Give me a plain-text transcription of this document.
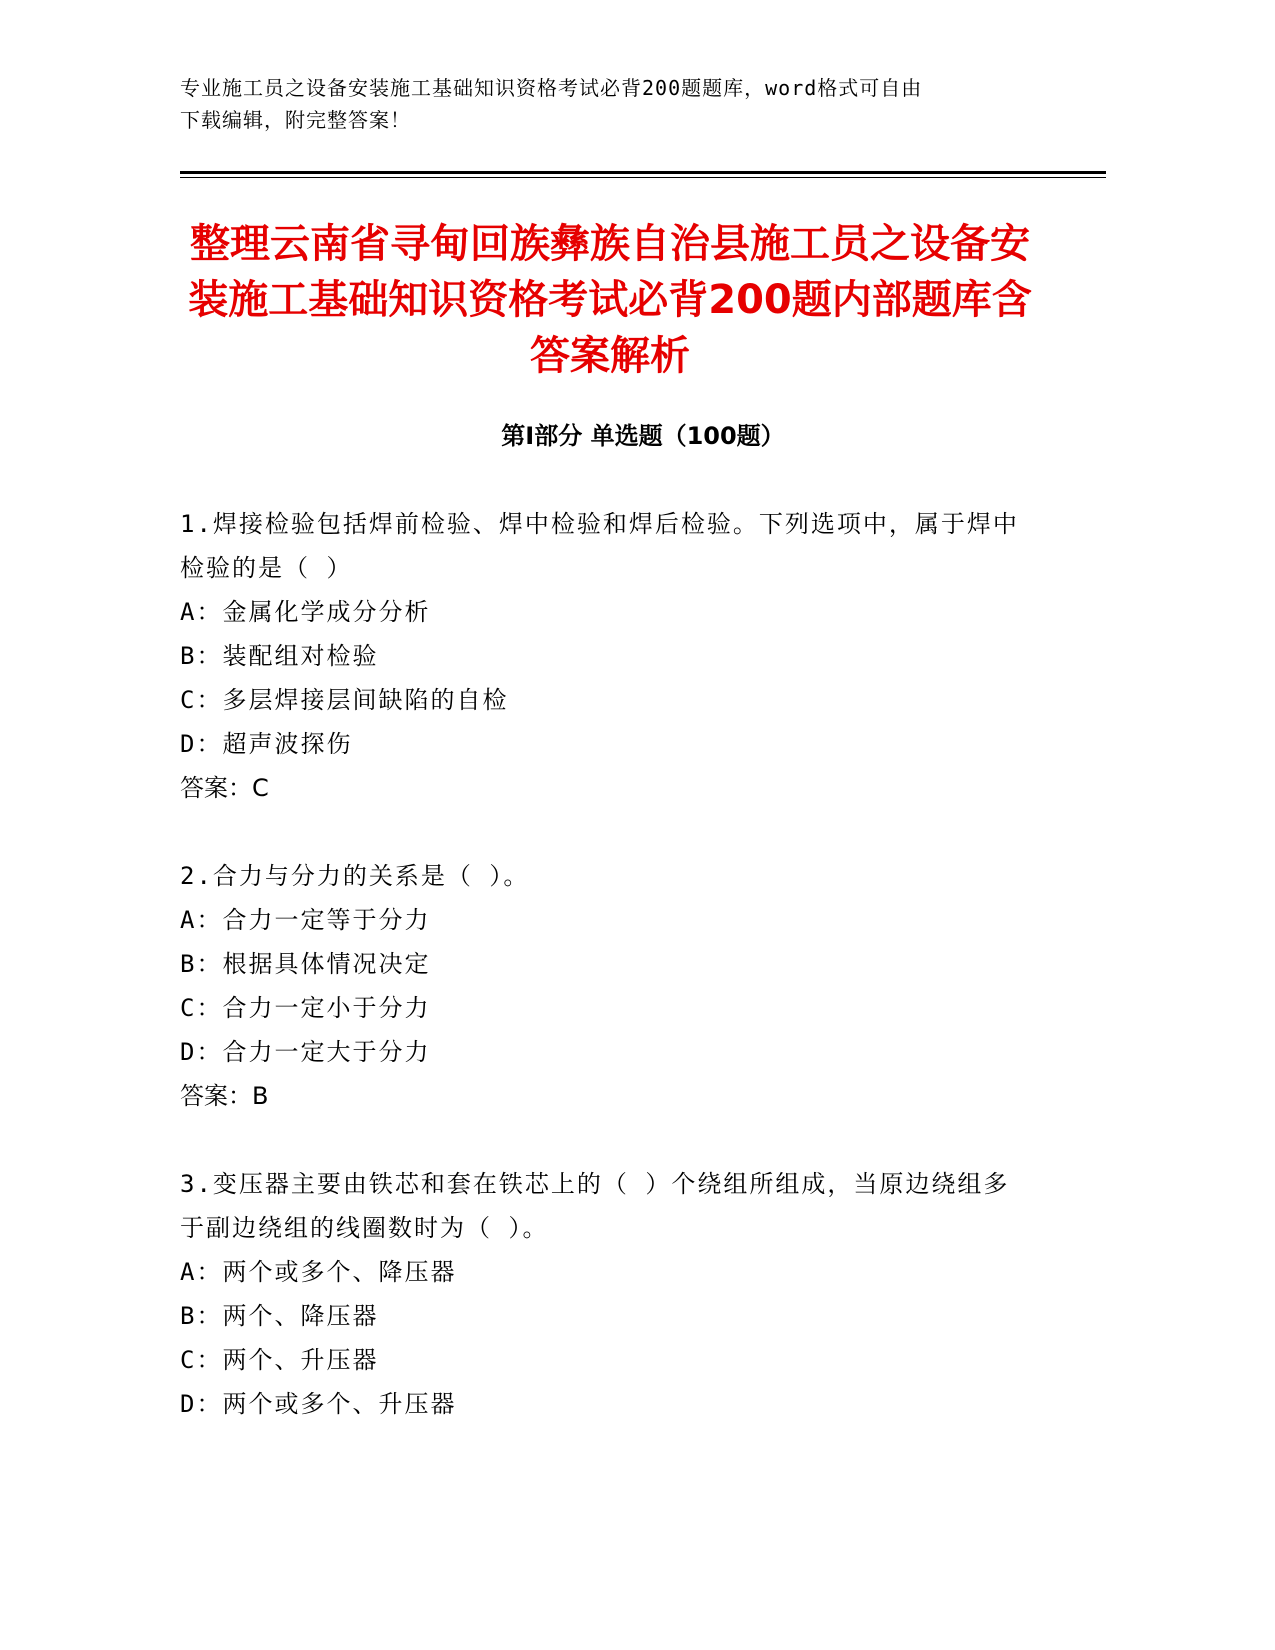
专业施工员之设备安装施工基础知识资格考试必背200题题库，word格式可自由
下载编辑，附完整答案！
整理云南省寻甸回族彝族自治县施工员之设备安装施工基础知识资格考试必背200题内部题库含答案解析
第Ⅰ部分 单选题（100题）

1.焊接检验包括焊前检验、焊中检验和焊后检验。下列选项中，属于焊中检验的是（ ）

A：金属化学成分分析

B：装配组对检验

C：多层焊接层间缺陷的自检

D：超声波探伤

答案：C

2.合力与分力的关系是（ ）。

A：合力一定等于分力

B：根据具体情况决定

C：合力一定小于分力

D：合力一定大于分力

答案：B

3.变压器主要由铁芯和套在铁芯上的（ ）个绕组所组成，当原边绕组多于副边绕组的线圈数时为（ ）。

A：两个或多个、降压器

B：两个、降压器

C：两个、升压器

D：两个或多个、升压器
